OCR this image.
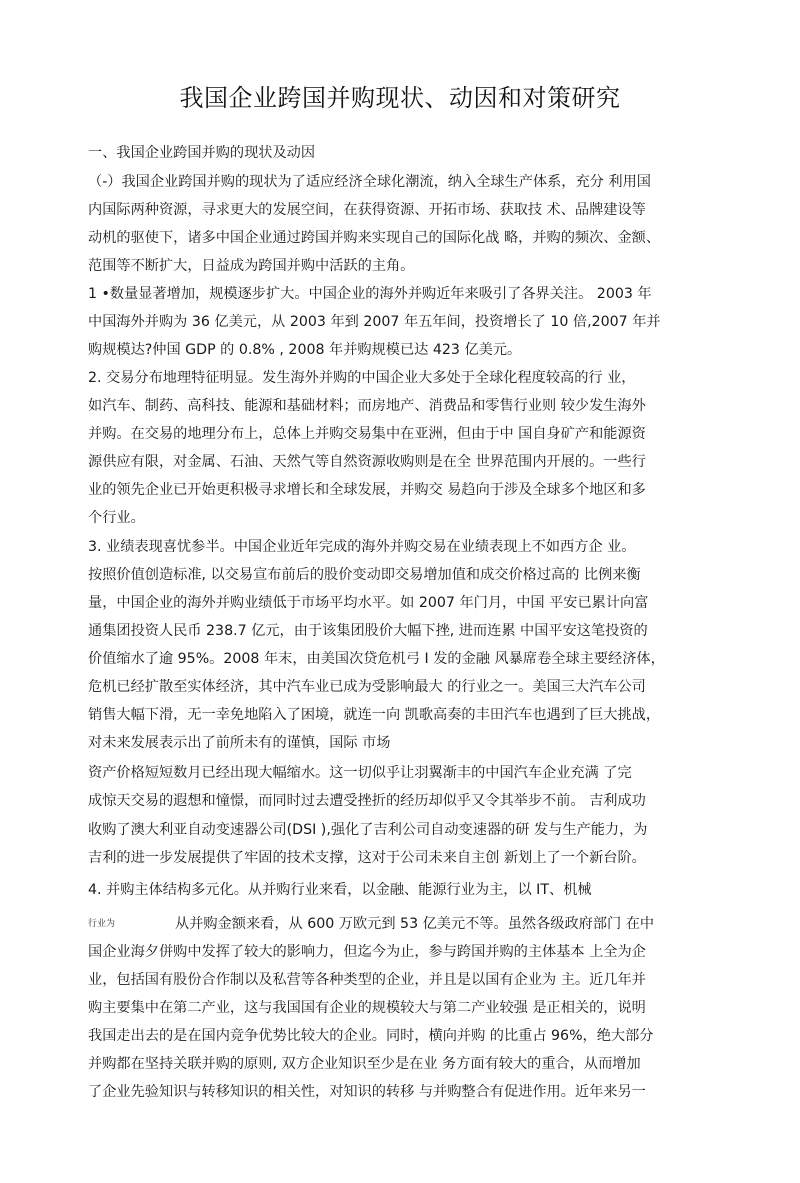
我国企业跨国并购现状、动因和对策研究
一、我国企业跨国并购的现状及动因
（-）我国企业跨国并购的现状为了适应经济全球化潮流，纳入全球生产体系，充分 利用国
内国际两种资源，寻求更大的发展空间，在获得资源、开拓市场、获取技 术、品牌建设等
动机的驱使下，诸多中国企业通过跨国并购来实现自己的国际化战 略，并购的频次、金额、
范围等不断扩大，日益成为跨国并购中活跃的主角。
1 •数量显著增加，规模逐步扩大。中国企业的海外并购近年来吸引了各界关注。 2003 年
中国海外并购为 36 亿美元，从 2003 年到 2007 年五年间，投资增长了 10 倍,2007 年并
购规模达?仲国 GDP 的 0.8% , 2008 年并购规模已达 423 亿美元。
2. 交易分布地理特征明显。发生海外并购的中国企业大多处于全球化程度较高的行 业，
如汽车、制药、高科技、能源和基础材料；而房地产、消费品和零售行业则 较少发生海外
并购。在交易的地理分布上，总体上并购交易集中在亚洲，但由于中 国自身矿产和能源资
源供应有限，对金属、石油、天然气等自然资源收购则是在全 世界范围内开展的。一些行
业的领先企业已开始更积极寻求增长和全球发展，并购交 易趋向于涉及全球多个地区和多
个行业。
3. 业绩表现喜忧参半。中国企业近年完成的海外并购交易在业绩表现上不如西方企 业。
按照价值创造标准, 以交易宣布前后的股价变动即交易增加值和成交价格过高的 比例来衡
量，中国企业的海外并购业绩低于市场平均水平。如 2007 年门月，中国 平安已累计向富
通集团投资人民币 238.7 亿元，由于该集团股价大幅下挫, 进而连累 中国平安这笔投资的
价值缩水了逾 95%。2008 年末，由美国次贷危机弓 I 发的金融 风暴席卷全球主要经济体，
危机已经扩散至实体经济，其中汽车业已成为受影响最大 的行业之一。美国三大汽车公司
销售大幅下滑，无一幸免地陷入了困境，就连一向 凯歌高奏的丰田汽车也遇到了巨大挑战，
对未来发展表示出了前所未有的谨慎，国际 市场
资产价格短短数月已经出现大幅缩水。这一切似乎让羽翼渐丰的中国汽车企业充满 了完
成惊天交易的遐想和憧憬，而同时过去遭受挫折的经历却似乎又令其举步不前。 吉利成功
收购了澳大利亚自动变速器公司(DSI ),强化了吉利公司自动变速器的研 发与生产能力，为
吉利的进一步发展提供了牢固的技术支撑，这对于公司未来自主创 新划上了一个新台阶。
4. 并购主体结构多元化。从并购行业来看，以金融、能源行业为主，以 IT、机械
行业为	从并购金额来看，从 600 万欧元到 53 亿美元不等。虽然各级政府部门 在中
国企业海夕併购中发挥了较大的影响力，但迄今为止，参与跨国并购的主体基本 上全为企
业，包括国有股份合作制以及私营等各种类型的企业，并且是以国有企业为 主。近几年并
购主要集中在第二产业，这与我国国有企业的规模较大与第二产业较强 是正相关的，说明
我国走出去的是在国内竞争优势比较大的企业。同时，横向并购 的比重占 96%，绝大部分
并购都在坚持关联并购的原则, 双方企业知识至少是在业 务方面有较大的重合，从而增加
了企业先验知识与转移知识的相关性，对知识的转移 与并购整合有促进作用。近年来另一
